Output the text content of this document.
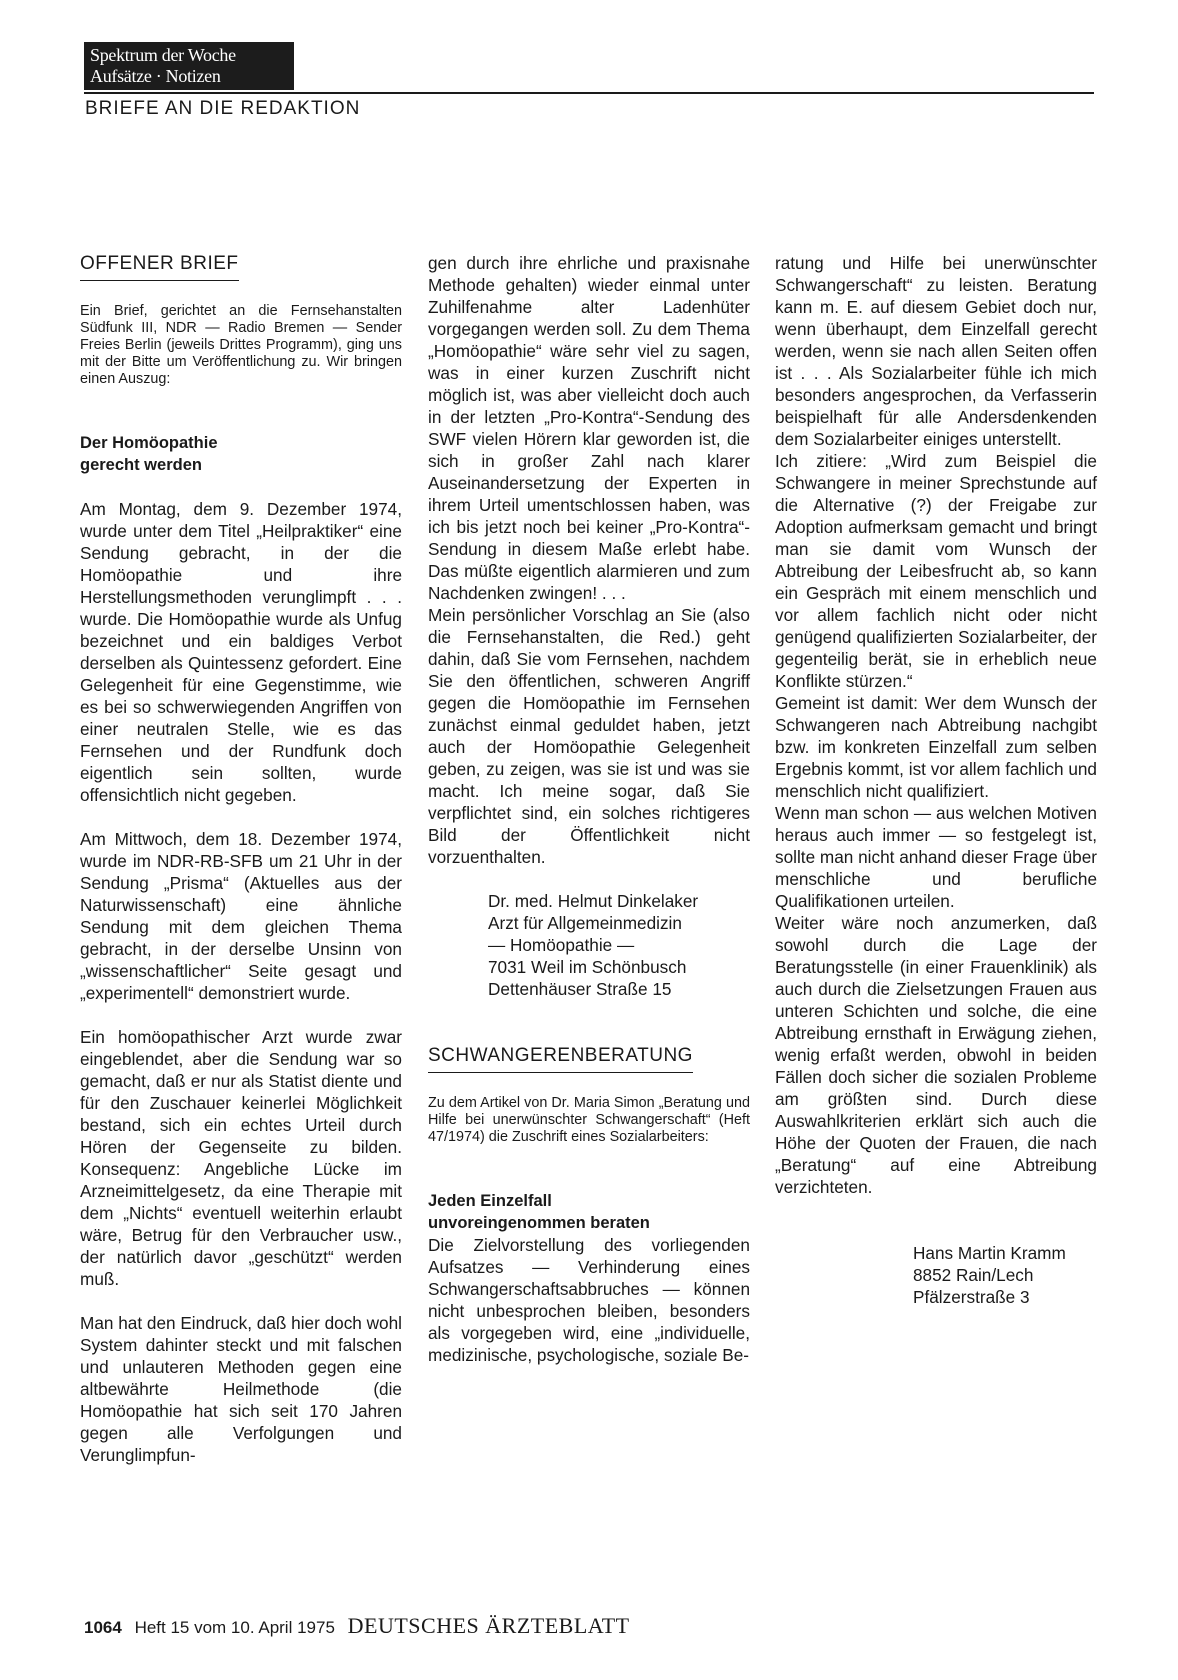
Spektrum der Woche
Aufsätze · Notizen
BRIEFE AN DIE REDAKTION

OFFENER BRIEF

Ein Brief, gerichtet an die Fernsehanstalten Südfunk III, NDR — Radio Bremen — Sender Freies Berlin (jeweils Drittes Programm), ging uns mit der Bitte um Veröffentlichung zu. Wir bringen einen Auszug:

Der Homöopathie
gerecht werden

Am Montag, dem 9. Dezember 1974, wurde unter dem Titel „Heilpraktiker“ eine Sendung gebracht, in der die Homöopathie und ihre Herstellungsmethoden verunglimpft . . . wurde. Die Homöopathie wurde als Unfug bezeichnet und ein baldiges Verbot derselben als Quintessenz gefordert. Eine Gelegenheit für eine Gegenstimme, wie es bei so schwerwiegenden Angriffen von einer neutralen Stelle, wie es das Fernsehen und der Rundfunk doch eigentlich sein sollten, wurde offensichtlich nicht gegeben.

Am Mittwoch, dem 18. Dezember 1974, wurde im NDR-RB-SFB um 21 Uhr in der Sendung „Prisma“ (Aktuelles aus der Naturwissenschaft) eine ähnliche Sendung mit dem gleichen Thema gebracht, in der derselbe Unsinn von „wissenschaftlicher“ Seite gesagt und „experimentell“ demonstriert wurde.

Ein homöopathischer Arzt wurde zwar eingeblendet, aber die Sendung war so gemacht, daß er nur als Statist diente und für den Zuschauer keinerlei Möglichkeit bestand, sich ein echtes Urteil durch Hören der Gegenseite zu bilden. Konsequenz: Angebliche Lücke im Arzneimittelgesetz, da eine Therapie mit dem „Nichts“ eventuell weiterhin erlaubt wäre, Betrug für den Verbraucher usw., der natürlich davor „geschützt“ werden muß.

Man hat den Eindruck, daß hier doch wohl System dahinter steckt und mit falschen und unlauteren Methoden gegen eine altbewährte Heilmethode (die Homöopathie hat sich seit 170 Jahren gegen alle Verfolgungen und Verunglimpfun-

gen durch ihre ehrliche und praxisnahe Methode gehalten) wieder einmal unter Zuhilfenahme alter Ladenhüter vorgegangen werden soll. Zu dem Thema „Homöopathie“ wäre sehr viel zu sagen, was in einer kurzen Zuschrift nicht möglich ist, was aber vielleicht doch auch in der letzten „Pro-Kontra“-Sendung des SWF vielen Hörern klar geworden ist, die sich in großer Zahl nach klarer Auseinandersetzung der Experten in ihrem Urteil umentschlossen haben, was ich bis jetzt noch bei keiner „Pro-Kontra“-Sendung in diesem Maße erlebt habe. Das müßte eigentlich alarmieren und zum Nachdenken zwingen! . . .

Mein persönlicher Vorschlag an Sie (also die Fernsehanstalten, die Red.) geht dahin, daß Sie vom Fernsehen, nachdem Sie den öffentlichen, schweren Angriff gegen die Homöopathie im Fernsehen zunächst einmal geduldet haben, jetzt auch der Homöopathie Gelegenheit geben, zu zeigen, was sie ist und was sie macht. Ich meine sogar, daß Sie verpflichtet sind, ein solches richtigeres Bild der Öffentlichkeit nicht vorzuenthalten.

Dr. med. Helmut Dinkelaker

Arzt für Allgemeinmedizin

— Homöopathie —

7031 Weil im Schönbusch

Dettenhäuser Straße 15

SCHWANGERENBERATUNG

Zu dem Artikel von Dr. Maria Simon „Beratung und Hilfe bei unerwünschter Schwangerschaft“ (Heft 47/1974) die Zuschrift eines Sozialarbeiters:

Jeden Einzelfall
unvoreingenommen beraten

Die Zielvorstellung des vorliegenden Aufsatzes — Verhinderung eines Schwangerschaftsabbruches — können nicht unbesprochen bleiben, besonders als vorgegeben wird, eine „individuelle, medizinische, psychologische, soziale Be-

ratung und Hilfe bei unerwünschter Schwangerschaft“ zu leisten. Beratung kann m. E. auf diesem Gebiet doch nur, wenn überhaupt, dem Einzelfall gerecht werden, wenn sie nach allen Seiten offen ist . . . Als Sozialarbeiter fühle ich mich besonders angesprochen, da Verfasserin beispielhaft für alle Andersdenkenden dem Sozialarbeiter einiges unterstellt.

Ich zitiere: „Wird zum Beispiel die Schwangere in meiner Sprechstunde auf die Alternative (?) der Freigabe zur Adoption aufmerksam gemacht und bringt man sie damit vom Wunsch der Abtreibung der Leibesfrucht ab, so kann ein Gespräch mit einem menschlich und vor allem fachlich nicht oder nicht genügend qualifizierten Sozialarbeiter, der gegenteilig berät, sie in erheblich neue Konflikte stürzen.“

Gemeint ist damit: Wer dem Wunsch der Schwangeren nach Abtreibung nachgibt bzw. im konkreten Einzelfall zum selben Ergebnis kommt, ist vor allem fachlich und menschlich nicht qualifiziert.

Wenn man schon — aus welchen Motiven heraus auch immer — so festgelegt ist, sollte man nicht anhand dieser Frage über menschliche und berufliche Qualifikationen urteilen.

Weiter wäre noch anzumerken, daß sowohl durch die Lage der Beratungsstelle (in einer Frauenklinik) als auch durch die Zielsetzungen Frauen aus unteren Schichten und solche, die eine Abtreibung ernsthaft in Erwägung ziehen, wenig erfaßt werden, obwohl in beiden Fällen doch sicher die sozialen Probleme am größten sind. Durch diese Auswahlkriterien erklärt sich auch die Höhe der Quoten der Frauen, die nach „Beratung“ auf eine Abtreibung verzichteten.

Hans Martin Kramm

8852 Rain/Lech

Pfälzerstraße 3

1064 Heft 15 vom 10. April 1975 DEUTSCHES ÄRZTEBLATT
